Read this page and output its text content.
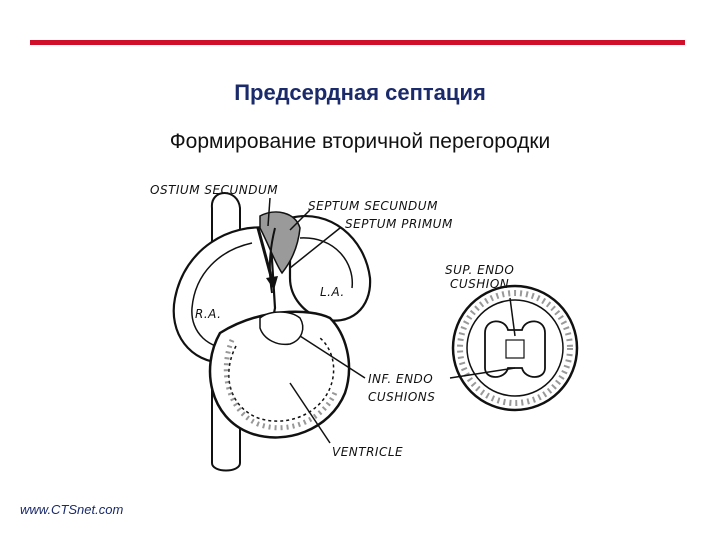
Предсердная септация
Формирование вторичной перегородки
OSTIUM SECUNDUM
SEPTUM SECUNDUM
SEPTUM PRIMUM
L.A.
R.A.
SUP. ENDO
CUSHION
INF. ENDO
CUSHIONS
VENTRICLE
www.CTSnet.com
